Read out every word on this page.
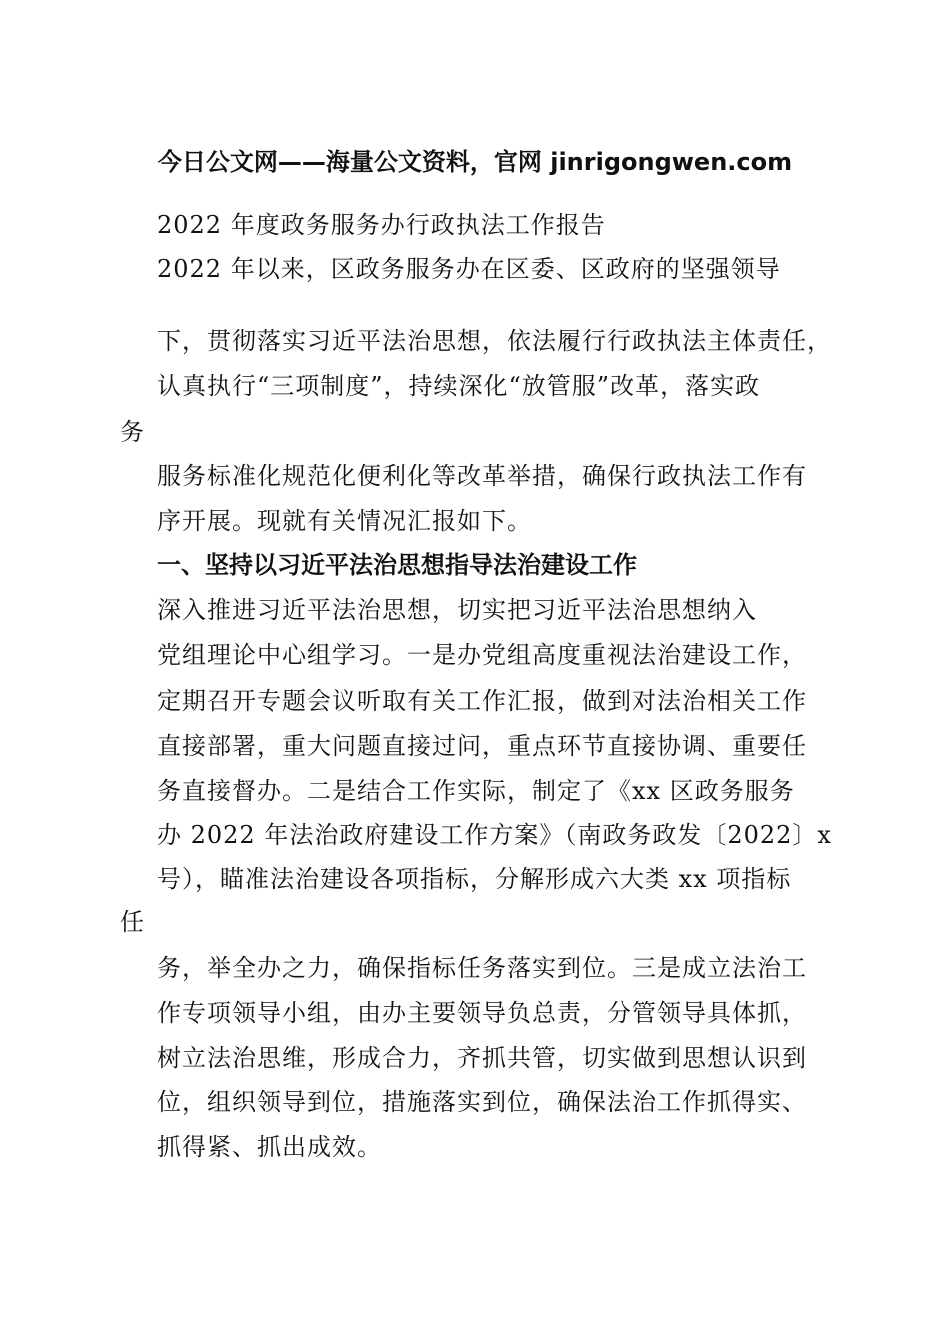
今日公文网——海量公文资料，官网 jinrigongwen.com
2022 年度政务服务办行政执法工作报告
2022 年以来，区政务服务办在区委、区政府的坚强领导
下，贯彻落实习近平法治思想，依法履行行政执法主体责任，
认真执行“三项制度”，持续深化“放管服”改革，落实政
务
服务标准化规范化便利化等改革举措，确保行政执法工作有
序开展。现就有关情况汇报如下。
一、坚持以习近平法治思想指导法治建设工作
深入推进习近平法治思想，切实把习近平法治思想纳入
党组理论中心组学习。一是办党组高度重视法治建设工作，
定期召开专题会议听取有关工作汇报，做到对法治相关工作
直接部署，重大问题直接过问，重点环节直接协调、重要任
务直接督办。二是结合工作实际，制定了《xx 区政务服务
办 2022 年法治政府建设工作方案》（南政务政发〔2022〕x
号），瞄准法治建设各项指标，分解形成六大类 xx 项指标
任
务，举全办之力，确保指标任务落实到位。三是成立法治工
作专项领导小组，由办主要领导负总责，分管领导具体抓，
树立法治思维，形成合力，齐抓共管，切实做到思想认识到
位，组织领导到位，措施落实到位，确保法治工作抓得实、
抓得紧、抓出成效。
